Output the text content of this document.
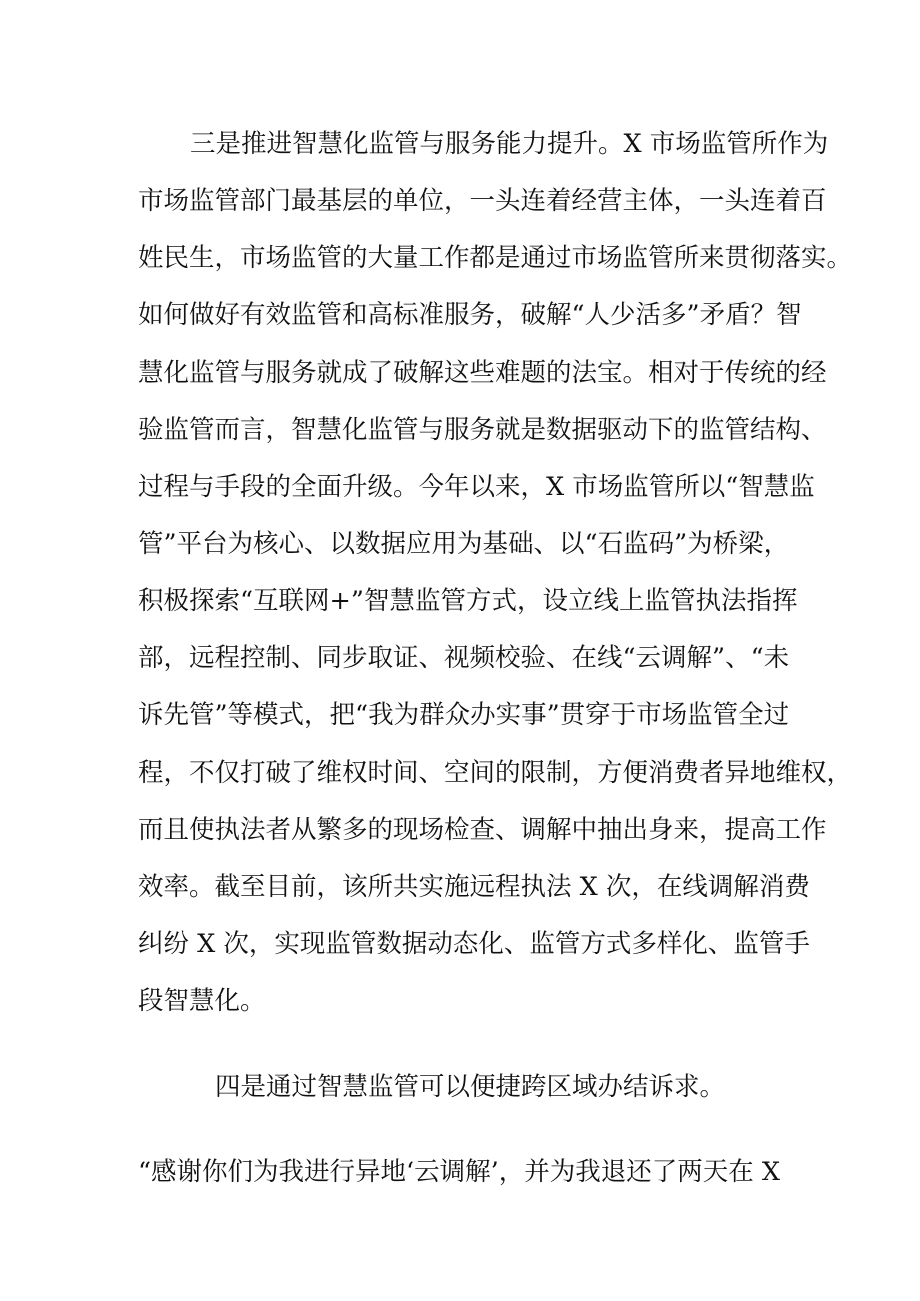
三是推进智慧化监管与服务能力提升。X 市场监管所作为
市场监管部门最基层的单位，一头连着经营主体，一头连着百
姓民生，市场监管的大量工作都是通过市场监管所来贯彻落实。
如何做好有效监管和高标准服务，破解“人少活多”矛盾？智
慧化监管与服务就成了破解这些难题的法宝。相对于传统的经
验监管而言，智慧化监管与服务就是数据驱动下的监管结构、
过程与手段的全面升级。今年以来，X 市场监管所以“智慧监
管”平台为核心、以数据应用为基础、以“石监码”为桥梁，
积极探索“互联网+”智慧监管方式，设立线上监管执法指挥
部，远程控制、同步取证、视频校验、在线“云调解”、“未
诉先管”等模式，把“我为群众办实事”贯穿于市场监管全过
程，不仅打破了维权时间、空间的限制，方便消费者异地维权，
而且使执法者从繁多的现场检查、调解中抽出身来，提高工作
效率。截至目前，该所共实施远程执法 X 次，在线调解消费
纠纷 X 次，实现监管数据动态化、监管方式多样化、监管手
段智慧化。
四是通过智慧监管可以便捷跨区域办结诉求。
“感谢你们为我进行异地‘云调解’，并为我退还了两天在 X
